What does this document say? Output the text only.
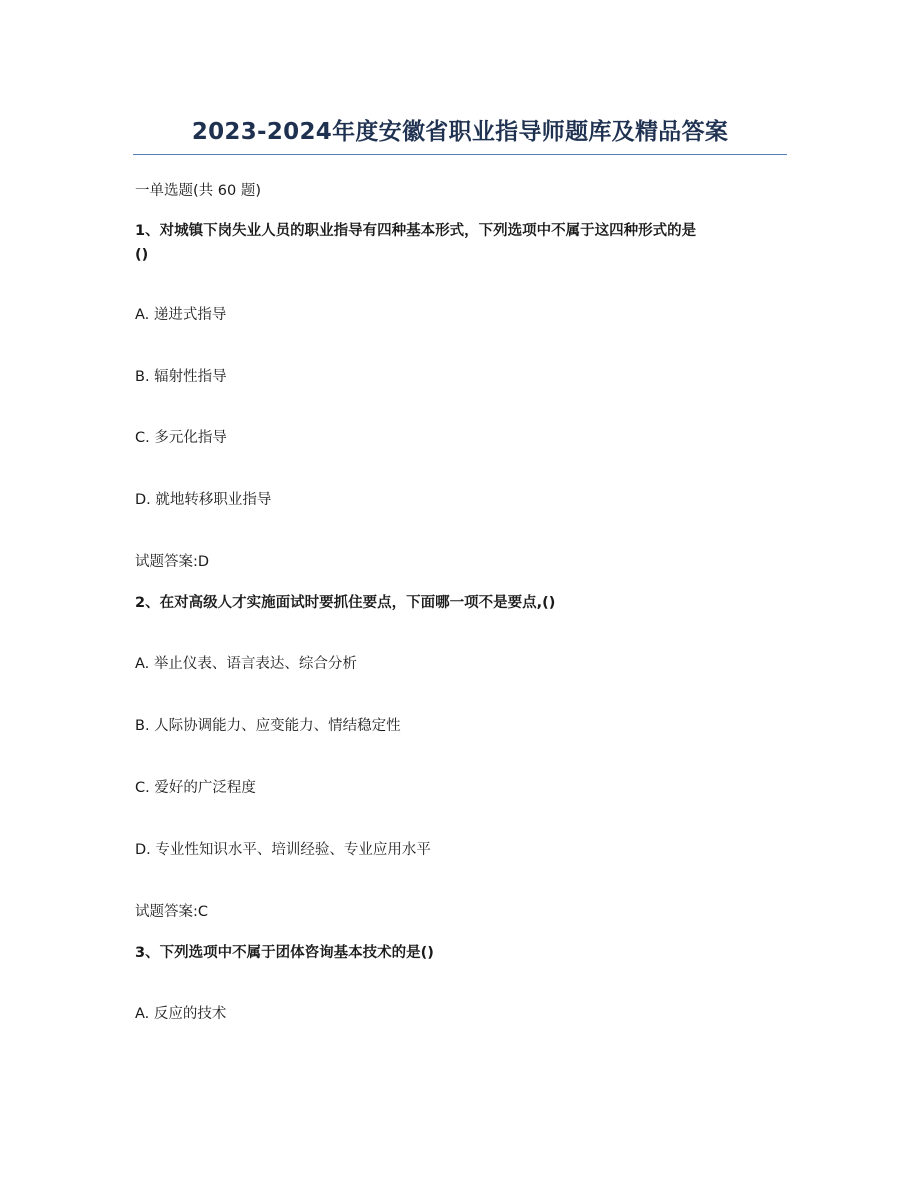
2023-2024年度安徽省职业指导师题库及精品答案
一单选题(共 60 题)
1、对城镇下岗失业人员的职业指导有四种基本形式，下列选项中不属于这四种形式的是
()
A. 递进式指导
B. 辐射性指导
C. 多元化指导
D. 就地转移职业指导
试题答案:D
2、在对高级人才实施面试时要抓住要点，下面哪一项不是要点,()
A. 举止仪表、语言表达、综合分析
B. 人际协调能力、应变能力、情结稳定性
C. 爱好的广泛程度
D. 专业性知识水平、培训经验、专业应用水平
试题答案:C
3、下列选项中不属于团体咨询基本技术的是()
A. 反应的技术
